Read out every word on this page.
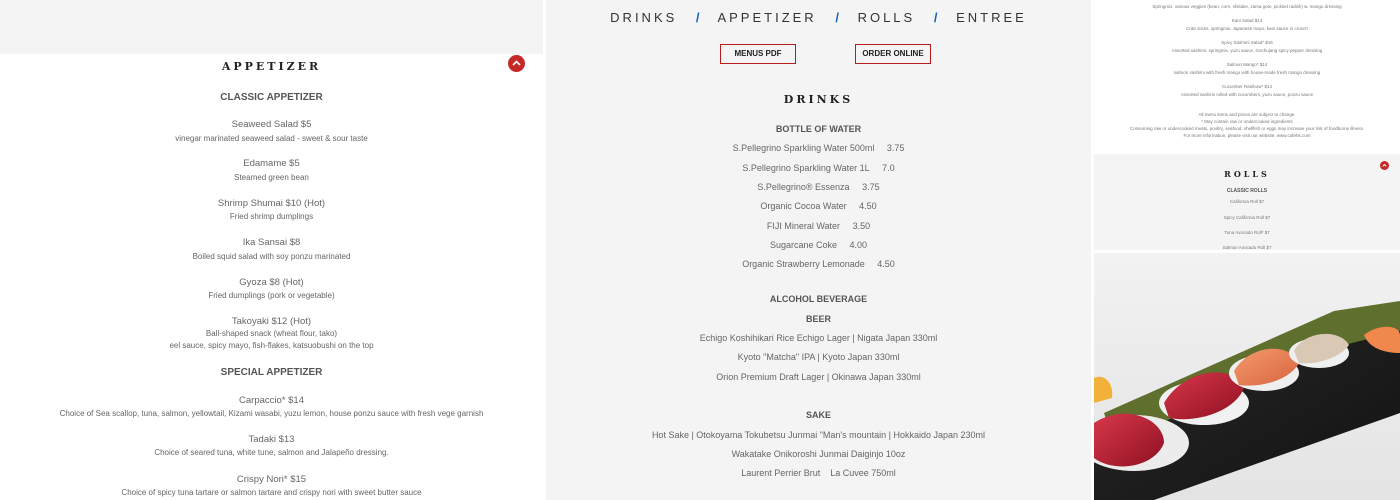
APPETIZER
CLASSIC APPETIZER
Seaweed Salad $5
vinegar marinated seaweed salad - sweet & sour taste
Edamame $5
Steamed green bean
Shrimp Shumai $10 (Hot)
Fried shrimp dumplings
Ika Sansai $8
Boiled squid salad with soy ponzu marinated
Gyoza $8 (Hot)
Fried dumplings (pork or vegetable)
Takoyaki $12 (Hot)
Ball-shaped snack (wheat flour, tako)
eel sauce, spicy mayo, fish-flakes, katsuobushi on the top
SPECIAL APPETIZER
Carpaccio* $14
Choice of Sea scallop, tuna, salmon, yellowtail, Kizami wasabi, yuzu lemon, house ponzu sauce with fresh vege garnish
Tadaki $13
Choice of seared tuna, white tune, salmon and Jalapeño dressing.
Crispy Nori* $15
Choice of spicy tuna tartare or salmon tartare and crispy nori with sweet butter sauce
DRINKS / APPETIZER / ROLLS / ENTREE
MENUS PDF	ORDER ONLINE
DRINKS
BOTTLE OF WATER
S.Pellegrino Sparkling Water 500ml 3.75
S.Pellegrino Sparkling Water 1L 7.0
S.Pellegrino® Essenza 3.75
Organic Cocoa Water 4.50
FIJI Mineral Water 3.50
Sugarcane Coke 4.00
Organic Strawberry Lemonade 4.50
ALCOHOL BEVERAGE
BEER
Echigo Koshihikari Rice Echigo Lager | Nigata Japan 330ml
Kyoto "Matcha" IPA | Kyoto Japan 330ml
Orion Premium Draft Lager | Okinawa Japan 330ml
SAKE
Hot Sake | Otokoyama Tokubetsu Junmai "Man's mountain | Hokkaido Japan 230ml
Wakatake Onikoroshi Junmai Daiginjo 10oz
Laurent Perrier Brut    La Cuvee 750ml
Springmix, various veggies (bean, corn, shiitake, zama goto, pickled radish) w. mango dressing
Kani Salad $14
Crab sticks, springmix, Japanese mayo, kani sauce in crunch
Spicy Sashimi Salad* $16
Assorted sashimi, springmix, yuzu sauce, Gochujang spicy pepper dressing
Salmon Mango* $14
salmon sashimi with fresh mango with house-made fresh mango dressing
Cucumber Rainbow* $14
Assorted sashimi rolled with cucumbers, yuzu sauce, ponzu sauce
All menu items and prices are subject to change.
* May contain raw or undercooked ingredients
Consuming raw or undercooked meats, poultry, seafood, shellfish or eggs may increase your risk of foodborne illness.
For more information, please visit our website: www.cafehk.com
ROLLS
CLASSIC ROLLS
California Roll $7
Spicy California Roll $7
Tuna Avocado Roll* $7
Salmon Avocado Roll $7
